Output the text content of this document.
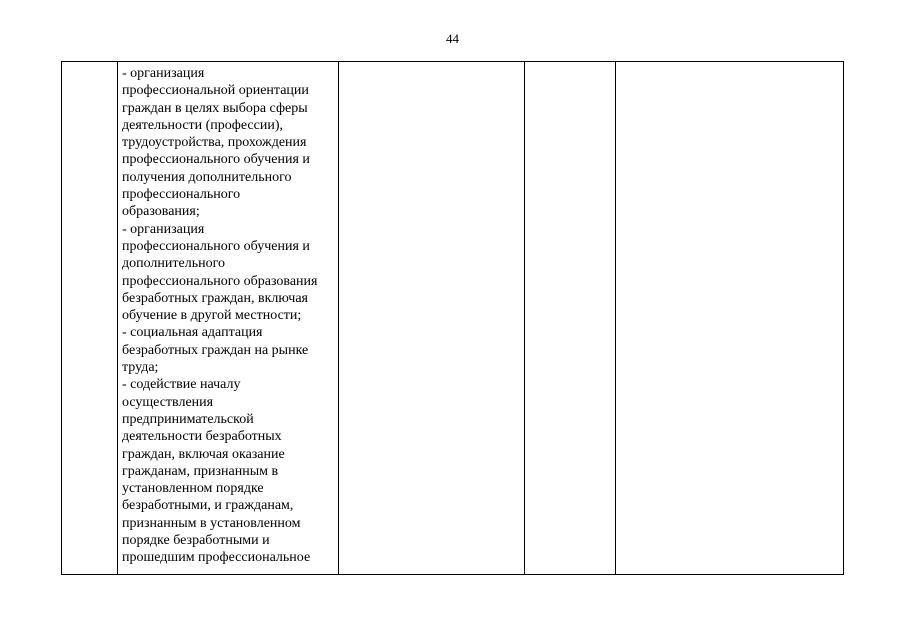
44

- организация
профессиональной ориентации
граждан в целях выбора сферы
деятельности (профессии),
трудоустройства, прохождения
профессионального обучения и
получения дополнительного
профессионального
образования;
- организация
профессионального обучения и
дополнительного
профессионального образования
безработных граждан, включая
обучение в другой местности;
- социальная адаптация
безработных граждан на рынке
труда;
- содействие началу
осуществления
предпринимательской
деятельности безработных
граждан, включая оказание
гражданам, признанным в
установленном порядке
безработными, и гражданам,
признанным в установленном
порядке безработными и
прошедшим профессиональное
